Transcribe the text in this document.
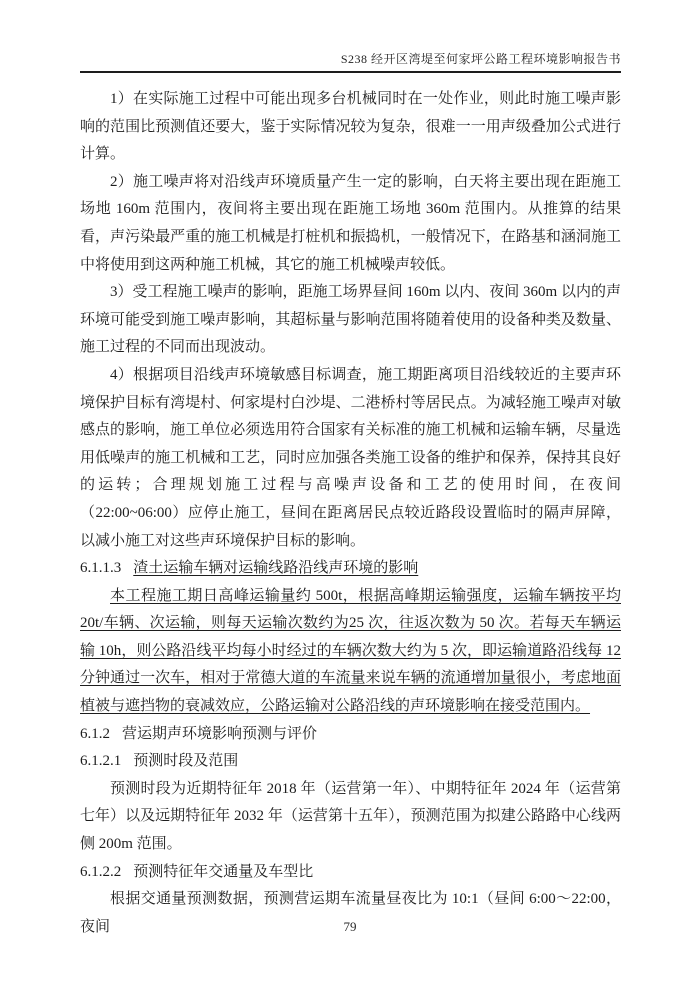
S238 经开区湾堤至何家坪公路工程环境影响报告书

1）在实际施工过程中可能出现多台机械同时在一处作业，则此时施工噪声影响的范围比预测值还要大，鉴于实际情况较为复杂，很难一一用声级叠加公式进行计算。

2）施工噪声将对沿线声环境质量产生一定的影响，白天将主要出现在距施工场地 160m 范围内，夜间将主要出现在距施工场地 360m 范围内。从推算的结果看，声污染最严重的施工机械是打桩机和振捣机，一般情况下，在路基和涵洞施工中将使用到这两种施工机械，其它的施工机械噪声较低。

3）受工程施工噪声的影响，距施工场界昼间 160m 以内、夜间 360m 以内的声环境可能受到施工噪声影响，其超标量与影响范围将随着使用的设备种类及数量、施工过程的不同而出现波动。

4）根据项目沿线声环境敏感目标调查，施工期距离项目沿线较近的主要声环境保护目标有湾堤村、何家堤村白沙堤、二港桥村等居民点。为减轻施工噪声对敏感点的影响，施工单位必须选用符合国家有关标准的施工机械和运输车辆，尽量选用低噪声的施工机械和工艺，同时应加强各类施工设备的维护和保养，保持其良好的运转；合理规划施工过程与高噪声设备和工艺的使用时间，在夜间（22:00~06:00）应停止施工，昼间在距离居民点较近路段设置临时的隔声屏障，以减小施工对这些声环境保护目标的影响。

6.1.1.3 渣土运输车辆对运输线路沿线声环境的影响

本工程施工期日高峰运输量约 500t，根据高峰期运输强度，运输车辆按平均 20t/车辆、次运输，则每天运输次数约为25 次，往返次数为 50 次。若每天车辆运输 10h，则公路沿线平均每小时经过的车辆次数大约为 5 次，即运输道路沿线每 12 分钟通过一次车，相对于常德大道的车流量来说车辆的流通增加量很小，考虑地面植被与遮挡物的衰减效应，公路运输对公路沿线的声环境影响在接受范围内。

6.1.2 营运期声环境影响预测与评价

6.1.2.1 预测时段及范围

预测时段为近期特征年 2018 年（运营第一年）、中期特征年 2024 年（运营第七年）以及远期特征年 2032 年（运营第十五年），预测范围为拟建公路路中心线两侧 200m 范围。

6.1.2.2 预测特征年交通量及车型比

根据交通量预测数据，预测营运期车流量昼夜比为 10:1（昼间 6:00～22:00，夜间	79
